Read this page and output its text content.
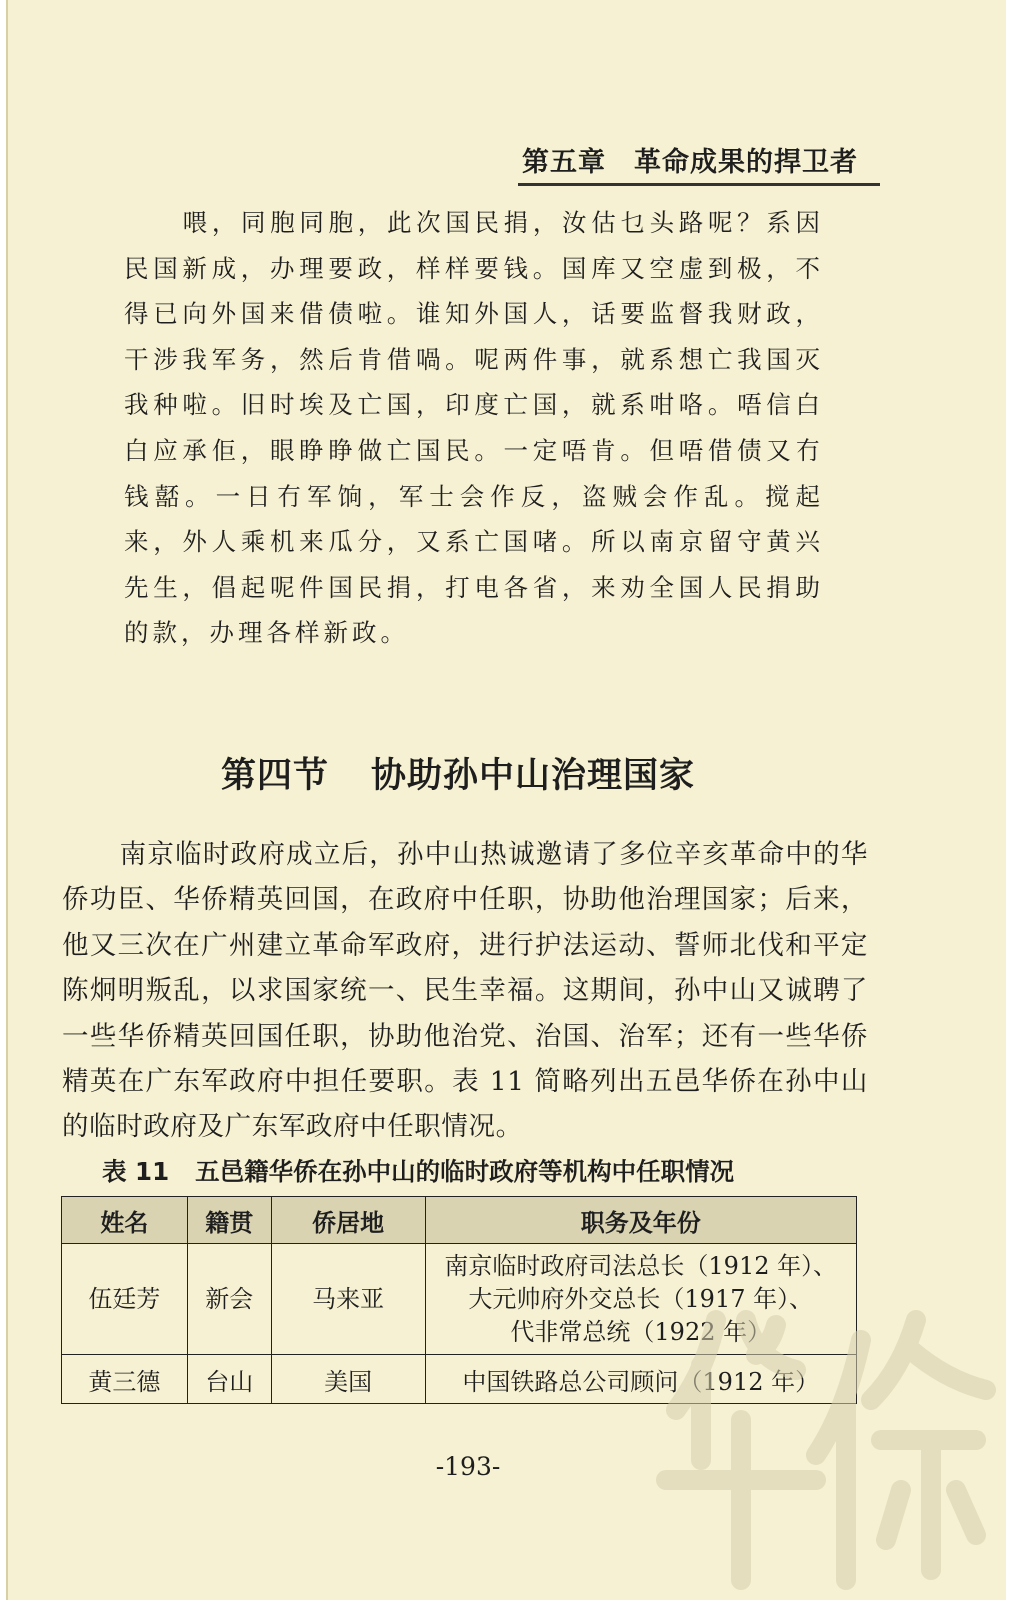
第五章 革命成果的捍卫者

喂，同胞同胞，此次国民捐，汝估乜头路呢？系因民国新成，办理要政，样样要钱。国库又空虚到极，不得已向外国来借债啦。谁知外国人，话要监督我财政，干涉我军务，然后肯借喎。呢两件事，就系想亡我国灭我种啦。旧时埃及亡国，印度亡国，就系咁咯。唔信白白应承佢，眼睁睁做亡国民。一定唔肯。但唔借债又冇钱嚭。一日冇军饷，军士会作反，盗贼会作乱。搅起来，外人乘机来瓜分，又系亡国啫。所以南京留守黄兴先生，倡起呢件国民捐，打电各省，来劝全国人民捐助的款，办理各样新政。

第四节 协助孙中山治理国家
南京临时政府成立后，孙中山热诚邀请了多位辛亥革命中的华侨功臣、华侨精英回国，在政府中任职，协助他治理国家；后来，他又三次在广州建立革命军政府，进行护法运动、誓师北伐和平定陈炯明叛乱，以求国家统一、民生幸福。这期间，孙中山又诚聘了一些华侨精英回国任职，协助他治党、治国、治军；还有一些华侨精英在广东军政府中担任要职。表 11 简略列出五邑华侨在孙中山的临时政府及广东军政府中任职情况。
表 11 五邑籍华侨在孙中山的临时政府等机构中任职情况
姓名	籍贯	侨居地	职务及年份
伍廷芳	新会	马来亚	南京临时政府司法总长（1912 年）、
大元帅府外交总长（1917 年）、
代非常总统（1922 年）

黄三德	台山	美国	中国铁路总公司顾问（1912 年）
-193-
